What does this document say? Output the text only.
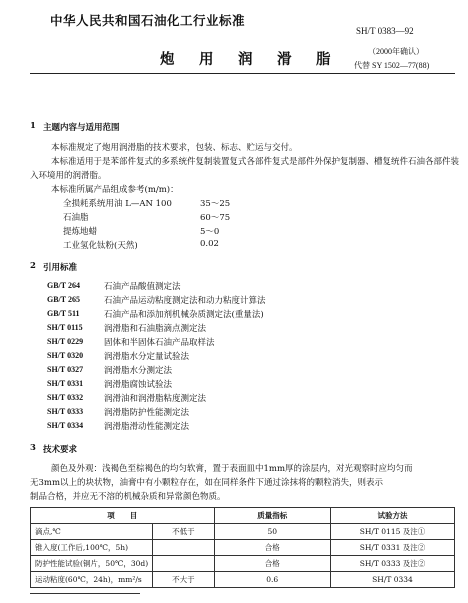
中华人民共和国石油化工行业标准
SH/T 0383—92
炮　用　润　滑　脂	（2000年确认）
代替 SY 1502—77(88)
1 主题内容与适用范围
本标准规定了炮用润滑脂的技术要求，包装、标志、贮运与交付。
本标准适用于是苯部件复式的多系统件复制装置复式各部件复式是部件外保护复制器、槽复统件石油各部件装
入环境用的润滑脂。
本标准所属产品组成参考(m/m)：
全损耗系统用油 L—AN 100	35～25
石油脂	60～75
提炼地蜡	5～0
工业氢化钛粉(天然)	0.02
2 引用标准
GB/T 264	石油产品酸值测定法
GB/T 265	石油产品运动粘度测定法和动力粘度计算法
GB/T 511	石油产品和添加剂机械杂质测定法(重量法)
SH/T 0115	润滑脂和石油脂滴点测定法
SH/T 0229 固体和半固体石油产品取样法
SH/T 0320 润滑脂水分定量试验法
SH/T 0327 润滑脂水分测定法
SH/T 0331 润滑脂腐蚀试验法
SH/T 0332 润滑油和润滑脂粘度测定法
SH/T 0333 润滑脂防护性能测定法
SH/T 0334 润滑脂滑动性能测定法
3 技术要求
颜色及外观：浅褐色至棕褐色的均匀软膏，置于表面皿中1mm厚的涂层内，对光观察时应均匀而
无3mm以上的块状物，油膏中有小颗粒存在，如在同样条件下通过涂抹将的颗粒消失，则表示
制品合格，并应无不溶的机械杂质和异常颜色物质。
项　　目		质量指标	试验方法
滴点,℃	不低于	50	SH/T 0115 及注①
锥入度(工作后,100℃，5h)		合格	SH/T 0331 及注②
防护性能试验(铜片，50℃，30d)		合格	SH/T 0333 及注②
运动粘度(60℃，24h)，mm²/s	不大于	0.6	SH/T 0334
